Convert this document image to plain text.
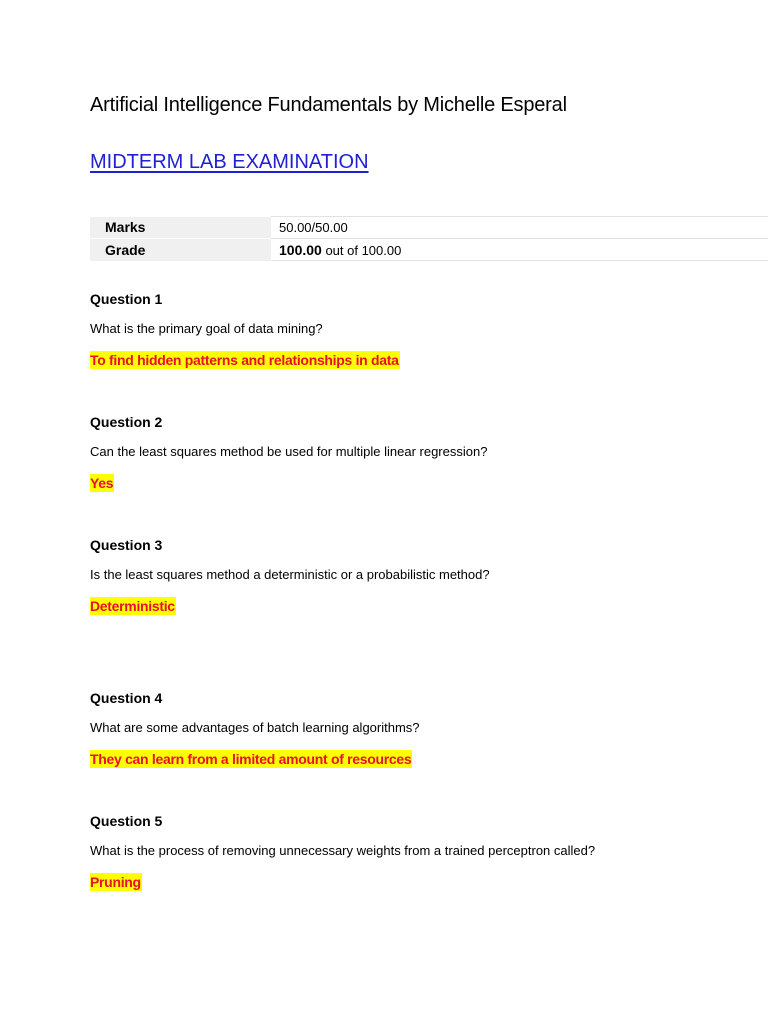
Artificial Intelligence Fundamentals by Michelle Esperal
MIDTERM LAB EXAMINATION
Marks	50.00/50.00
Grade	100.00 out of 100.00
Question 1
What is the primary goal of data mining?
To find hidden patterns and relationships in data
Question 2
Can the least squares method be used for multiple linear regression?
Yes
Question 3
Is the least squares method a deterministic or a probabilistic method?
Deterministic
Question 4
What are some advantages of batch learning algorithms?
They can learn from a limited amount of resources
Question 5
What is the process of removing unnecessary weights from a trained perceptron called?
Pruning
